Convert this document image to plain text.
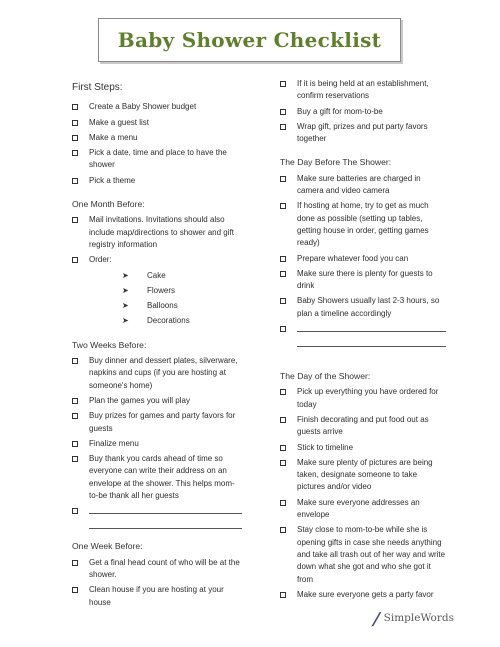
Baby Shower Checklist
First Steps:
Create a Baby Shower budget
Make a guest list
Make a menu
Pick a date, time and place to have the shower
Pick a theme
One Month Before:
Mail invitations. Invitations should also include map/directions to shower and gift registry information
Order:
➤ Cake
➤ Flowers
➤ Balloons
➤ Decorations
Two Weeks Before:
Buy dinner and dessert plates, silverware, napkins and cups (if you are hosting at someone's home)
Plan the games you will play
Buy prizes for games and party favors for guests
Finalize menu
Buy thank you cards ahead of time so everyone can write their address on an envelope at the shower. This helps mom-to-be thank all her guests
One Week Before:
Get a final head count of who will be at the shower.
Clean house if you are hosting at your house
If it is being held at an establishment, confirm reservations
Buy a gift for mom-to-be
Wrap gift, prizes and put party favors together
The Day Before The Shower:
Make sure batteries are charged in camera and video camera
If hosting at home, try to get as much done as possible (setting up tables, getting house in order, getting games ready)
Prepare whatever food you can
Make sure there is plenty for guests to drink
Baby Showers usually last 2-3 hours, so plan a timeline accordingly
The Day of the Shower:
Pick up everything you have ordered for today
Finish decorating and put food out as guests arrive
Stick to timeline
Make sure plenty of pictures are being taken, designate someone to take pictures and/or video
Make sure everyone addresses an envelope
Stay close to mom-to-be while she is opening gifts in case she needs anything and take all trash out of her way and write down what she got and who she got it from
Make sure everyone gets a party favor
SimpleWords
